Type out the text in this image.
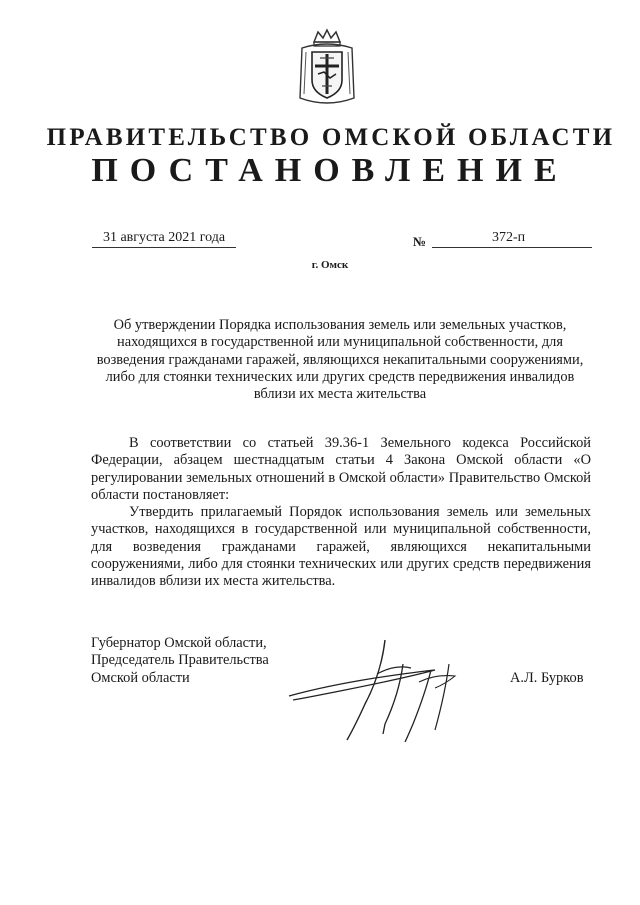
ПРАВИТЕЛЬСТВО ОМСКОЙ ОБЛАСТИ
ПОСТАНОВЛЕНИЕ
31 августа 2021 года	№	372-п
г. Омск
Об утверждении Порядка использования земель или земельных участков, находящихся в государственной или муниципальной собственности, для возведения гражданами гаражей, являющихся некапитальными сооружениями, либо для стоянки технических или других средств передвижения инвалидов вблизи их места жительства

В соответствии со статьей 39.36-1 Земельного кодекса Российской Федерации, абзацем шестнадцатым статьи 4 Закона Омской области «О регулировании земельных отношений в Омской области» Правительство Омской области постановляет:

Утвердить прилагаемый Порядок использования земель или земельных участков, находящихся в государственной или муниципальной собственности, для возведения гражданами гаражей, являющихся некапитальными сооружениями, либо для стоянки технических или других средств передвижения инвалидов вблизи их места жительства.

Губернатор Омской области,
Председатель Правительства
Омской области	А.Л. Бурков
